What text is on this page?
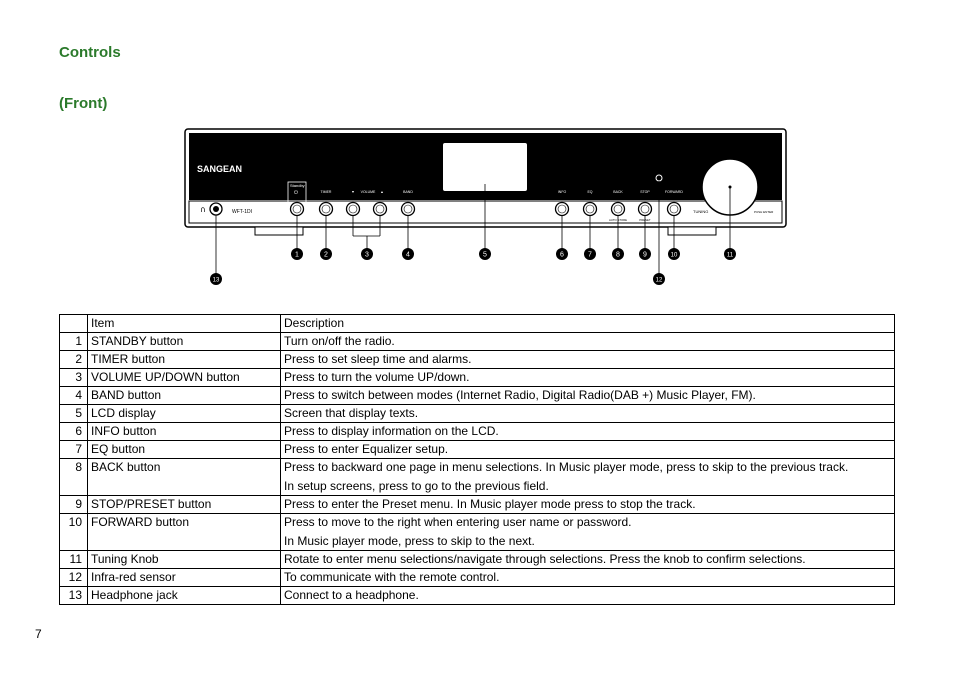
Controls
(Front)
SANGEAN
∩	WFT-1DI
Standby
⏻	TIMER	▼ VOLUME ▲	BAND	INFO	EQ	BACK	STOP	FORWARD
AUTO STORE	PRESET
1	2	3	4	5	6	7	8	9	10	11
12
13
TUNING	PUSH ENTER
	Item	Description
1	STANDBY button	Turn on/off the radio.

2	TIMER button	Press to set sleep time and alarms.

3	VOLUME UP/DOWN button	Press to turn the volume UP/down.

4	BAND button	Press to switch between modes (Internet Radio, Digital Radio(DAB +) Music Player, FM).

5	LCD display	Screen that display texts.

6	INFO button	Press to display information on the LCD.

7	EQ button	Press to enter Equalizer setup.

8	BACK button	Press to backward one page in menu selections. In Music player mode, press to skip to the previous track.
In setup screens, press to go to the previous field.

9	STOP/PRESET button	Press to enter the Preset menu. In Music player mode press to stop the track.

10	FORWARD button	Press to move to the right when entering user name or password.
In Music player mode, press to skip to the next.

11	Tuning Knob	Rotate to enter menu selections/navigate through selections. Press the knob to confirm selections.

12	Infra-red sensor	To communicate with the remote control.

13	Headphone jack	Connect to a headphone.
7
